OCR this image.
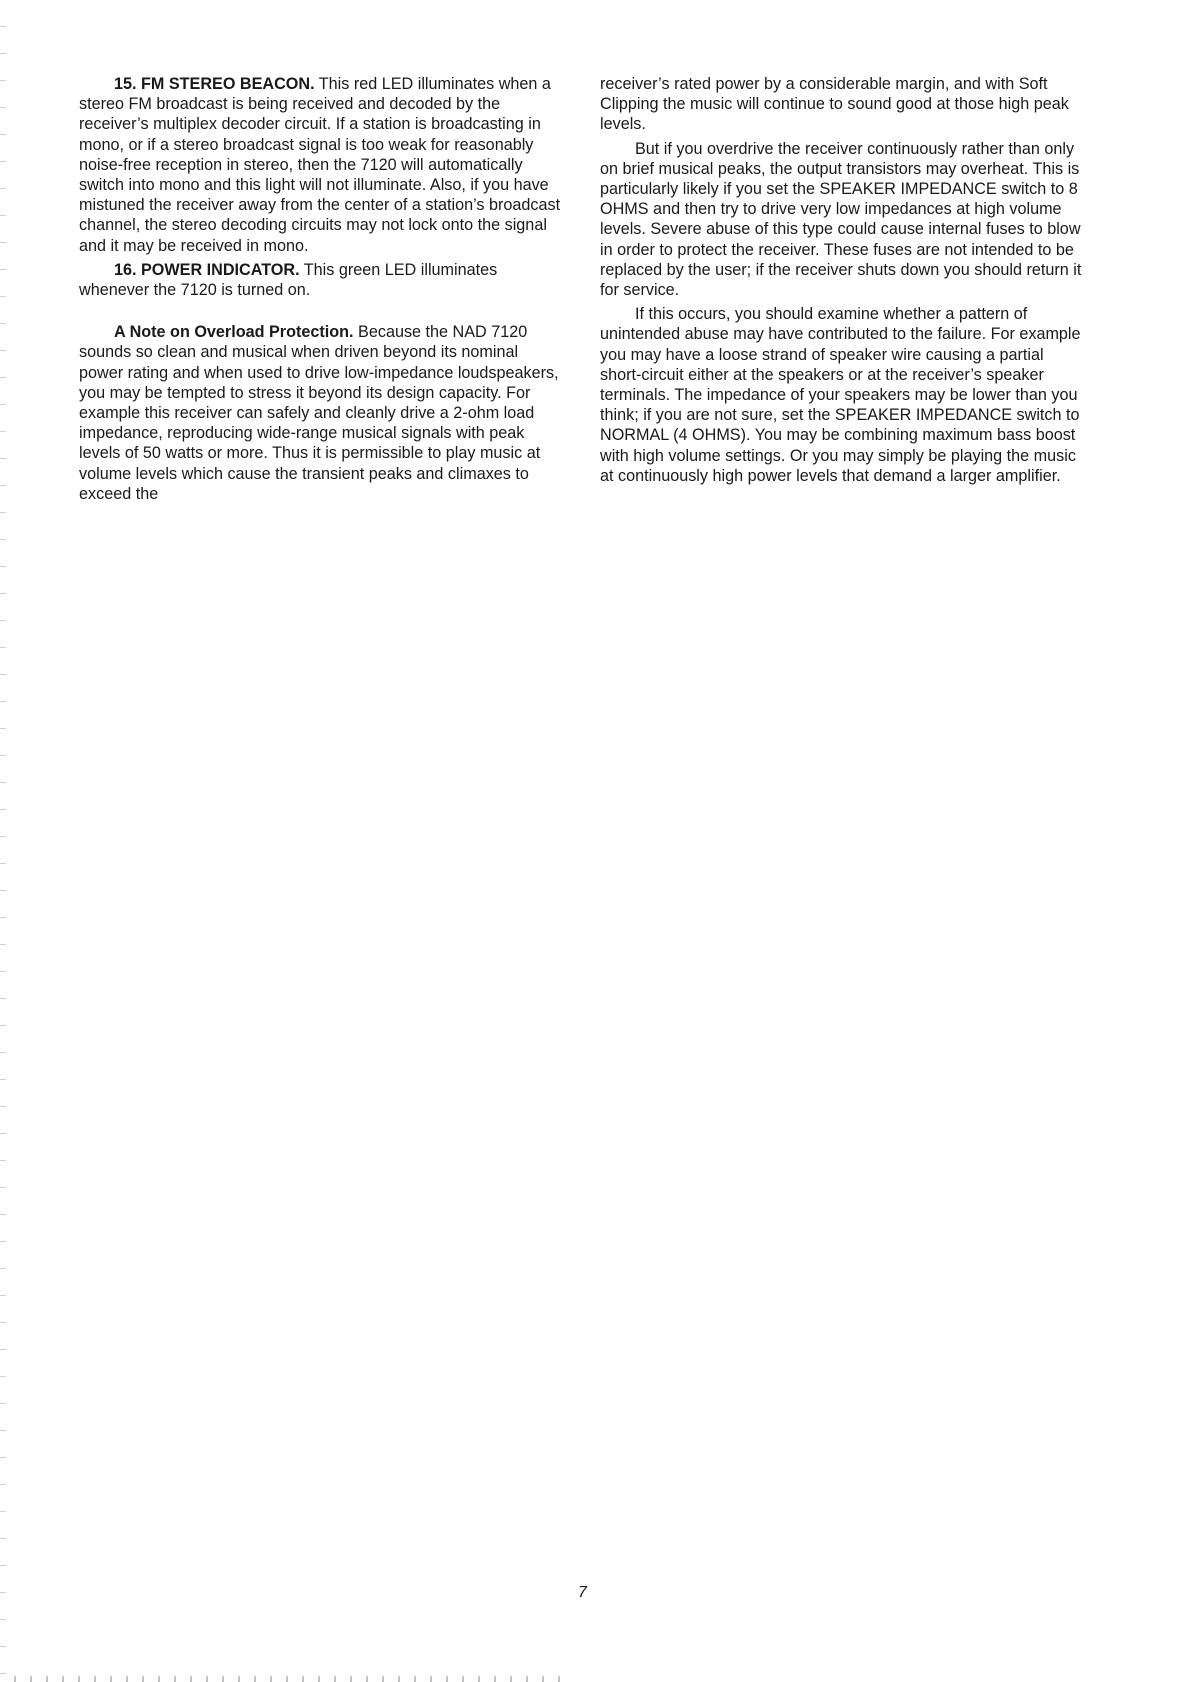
15. FM STEREO BEACON. This red LED illuminates when a stereo FM broadcast is being received and decoded by the receiver’s multiplex decoder circuit. If a station is broadcasting in mono, or if a stereo broadcast signal is too weak for reasonably noise-free reception in stereo, then the 7120 will automatically switch into mono and this light will not illuminate. Also, if you have mistuned the receiver away from the center of a station’s broadcast channel, the stereo decoding circuits may not lock onto the signal and it may be received in mono.

16. POWER INDICATOR. This green LED illuminates whenever the 7120 is turned on.

A Note on Overload Protection. Because the NAD 7120 sounds so clean and musical when driven beyond its nominal power rating and when used to drive low-impedance loudspeakers, you may be tempted to stress it beyond its design capacity. For example this receiver can safely and cleanly drive a 2-ohm load impedance, reproducing wide-range musical signals with peak levels of 50 watts or more. Thus it is permissible to play music at volume levels which cause the transient peaks and climaxes to exceed the

receiver’s rated power by a considerable margin, and with Soft Clipping the music will continue to sound good at those high peak levels.

But if you overdrive the receiver continuously rather than only on brief musical peaks, the output transistors may overheat. This is particularly likely if you set the SPEAKER IMPEDANCE switch to 8 OHMS and then try to drive very low impedances at high volume levels. Severe abuse of this type could cause internal fuses to blow in order to protect the receiver. These fuses are not intended to be replaced by the user; if the receiver shuts down you should return it for service.

If this occurs, you should examine whether a pattern of unintended abuse may have contributed to the failure. For example you may have a loose strand of speaker wire causing a partial short-circuit either at the speakers or at the receiver’s speaker terminals. The impedance of your speakers may be lower than you think; if you are not sure, set the SPEAKER IMPEDANCE switch to NORMAL (4 OHMS). You may be combining maximum bass boost with high volume settings. Or you may simply be playing the music at continuously high power levels that demand a larger amplifier.

7
